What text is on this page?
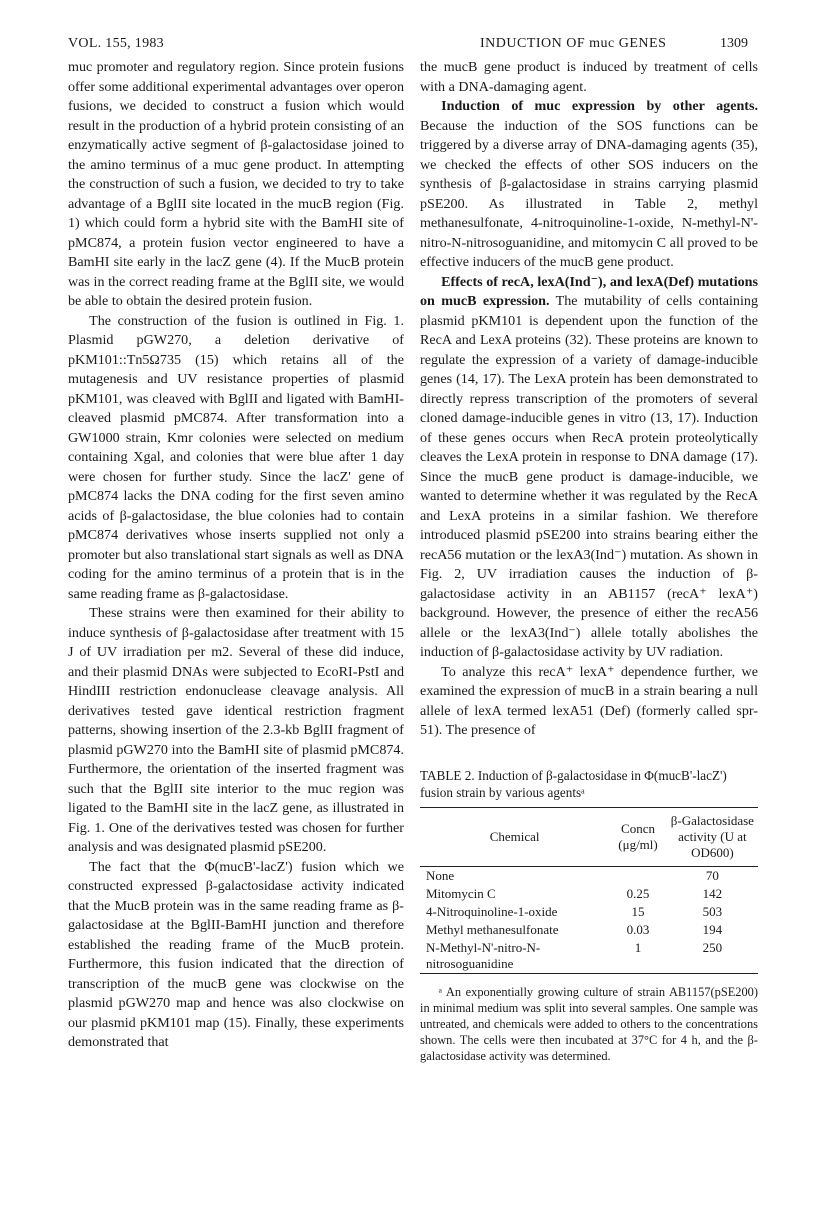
VOL. 155, 1983	INDUCTION OF muc GENES	1309

muc promoter and regulatory region. Since protein fusions offer some additional experimental advantages over operon fusions, we decided to construct a fusion which would result in the production of a hybrid protein consisting of an enzymatically active segment of β-galactosidase joined to the amino terminus of a muc gene product. In attempting the construction of such a fusion, we decided to try to take advantage of a BglII site located in the mucB region (Fig. 1) which could form a hybrid site with the BamHI site of pMC874, a protein fusion vector engineered to have a BamHI site early in the lacZ gene (4). If the MucB protein was in the correct reading frame at the BglII site, we would be able to obtain the desired protein fusion.

The construction of the fusion is outlined in Fig. 1. Plasmid pGW270, a deletion derivative of pKM101::Tn5Ω735 (15) which retains all of the mutagenesis and UV resistance properties of plasmid pKM101, was cleaved with BglII and ligated with BamHI-cleaved plasmid pMC874. After transformation into a GW1000 strain, Kmr colonies were selected on medium containing Xgal, and colonies that were blue after 1 day were chosen for further study. Since the lacZ' gene of pMC874 lacks the DNA coding for the first seven amino acids of β-galactosidase, the blue colonies had to contain pMC874 derivatives whose inserts supplied not only a promoter but also translational start signals as well as DNA coding for the amino terminus of a protein that is in the same reading frame as β-galactosidase.

These strains were then examined for their ability to induce synthesis of β-galactosidase after treatment with 15 J of UV irradiation per m2. Several of these did induce, and their plasmid DNAs were subjected to EcoRI-PstI and HindIII restriction endonuclease cleavage analysis. All derivatives tested gave identical restriction fragment patterns, showing insertion of the 2.3-kb BglII fragment of plasmid pGW270 into the BamHI site of plasmid pMC874. Furthermore, the orientation of the inserted fragment was such that the BglII site interior to the muc region was ligated to the BamHI site in the lacZ gene, as illustrated in Fig. 1. One of the derivatives tested was chosen for further analysis and was designated plasmid pSE200.

The fact that the Φ(mucB'-lacZ') fusion which we constructed expressed β-galactosidase activity indicated that the MucB protein was in the same reading frame as β-galactosidase at the BglII-BamHI junction and therefore established the reading frame of the MucB protein. Furthermore, this fusion indicated that the direction of transcription of the mucB gene was clockwise on the plasmid pGW270 map and hence was also clockwise on our plasmid pKM101 map (15). Finally, these experiments demonstrated that

the mucB gene product is induced by treatment of cells with a DNA-damaging agent.

Induction of muc expression by other agents. Because the induction of the SOS functions can be triggered by a diverse array of DNA-damaging agents (35), we checked the effects of other SOS inducers on the synthesis of β-galactosidase in strains carrying plasmid pSE200. As illustrated in Table 2, methyl methanesulfonate, 4-nitroquinoline-1-oxide, N-methyl-N'-nitro-N-nitrosoguanidine, and mitomycin C all proved to be effective inducers of the mucB gene product.

Effects of recA, lexA(Ind⁻), and lexA(Def) mutations on mucB expression. The mutability of cells containing plasmid pKM101 is dependent upon the function of the RecA and LexA proteins (32). These proteins are known to regulate the expression of a variety of damage-inducible genes (14, 17). The LexA protein has been demonstrated to directly repress transcription of the promoters of several cloned damage-inducible genes in vitro (13, 17). Induction of these genes occurs when RecA protein proteolytically cleaves the LexA protein in response to DNA damage (17). Since the mucB gene product is damage-inducible, we wanted to determine whether it was regulated by the RecA and LexA proteins in a similar fashion. We therefore introduced plasmid pSE200 into strains bearing either the recA56 mutation or the lexA3(Ind⁻) mutation. As shown in Fig. 2, UV irradiation causes the induction of β-galactosidase activity in an AB1157 (recA⁺ lexA⁺) background. However, the presence of either the recA56 allele or the lexA3(Ind⁻) allele totally abolishes the induction of β-galactosidase activity by UV radiation.

To analyze this recA⁺ lexA⁺ dependence further, we examined the expression of mucB in a strain bearing a null allele of lexA termed lexA51 (Def) (formerly called spr-51). The presence of

TABLE 2. Induction of β-galactosidase in Φ(mucB'-lacZ') fusion strain by various agentsᵃ

Chemical	Concn (μg/ml)	β-Galactosidase activity (U at OD600)
None		70
Mitomycin C	0.25	142
4-Nitroquinoline-1-oxide	15	503
Methyl methanesulfonate	0.03	194
N-Methyl-N'-nitro-N-nitrosoguanidine	1	250

ᵃ An exponentially growing culture of strain AB1157(pSE200) in minimal medium was split into several samples. One sample was untreated, and chemicals were added to others to the concentrations shown. The cells were then incubated at 37°C for 4 h, and the β-galactosidase activity was determined.
